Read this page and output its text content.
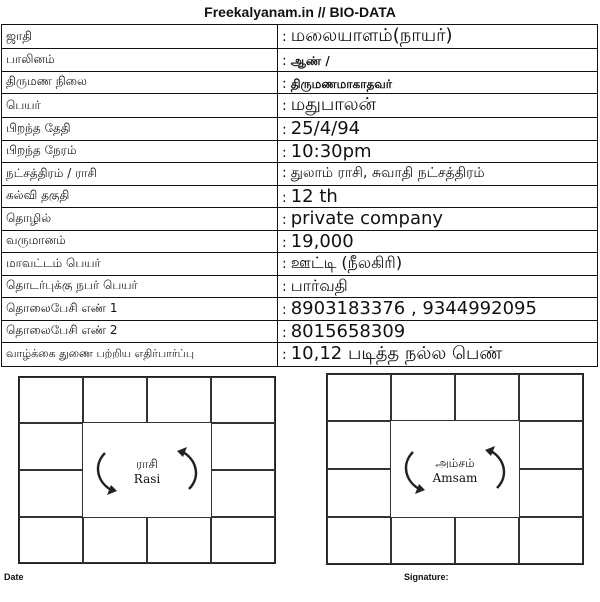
Freekalyanam.in // BIO-DATA
ஜாதி	: மலையாளம்(நாயர்)
பாலினம்	: ஆண் /
திருமண நிலை	: திருமணமாகாதவர்
பெயர்	: மதுபாலன்
பிறந்த தேதி	: 25/4/94
பிறந்த நேரம்	: 10:30pm
நட்சத்திரம் / ராசி	: துலாம் ராசி, சுவாதி நட்சத்திரம்
கல்வி தகுதி	: 12 th
தொழில்	: private company
வருமானம்	: 19,000
மாவட்டம் பெயர்	: ஊட்டி (நீலகிரி)
தொடர்புக்கு நபர் பெயர்	: பார்வதி
தொலைபேசி எண் 1	: 8903183376 , 9344992095
தொலைபேசி எண் 2	: 8015658309
வாழ்க்கை துணை பற்றிய எதிர்பார்ப்பு	: 10,12 படித்த நல்ல பெண்
ராசி
Rasi
அம்சம்
Amsam
Date	Signature:
